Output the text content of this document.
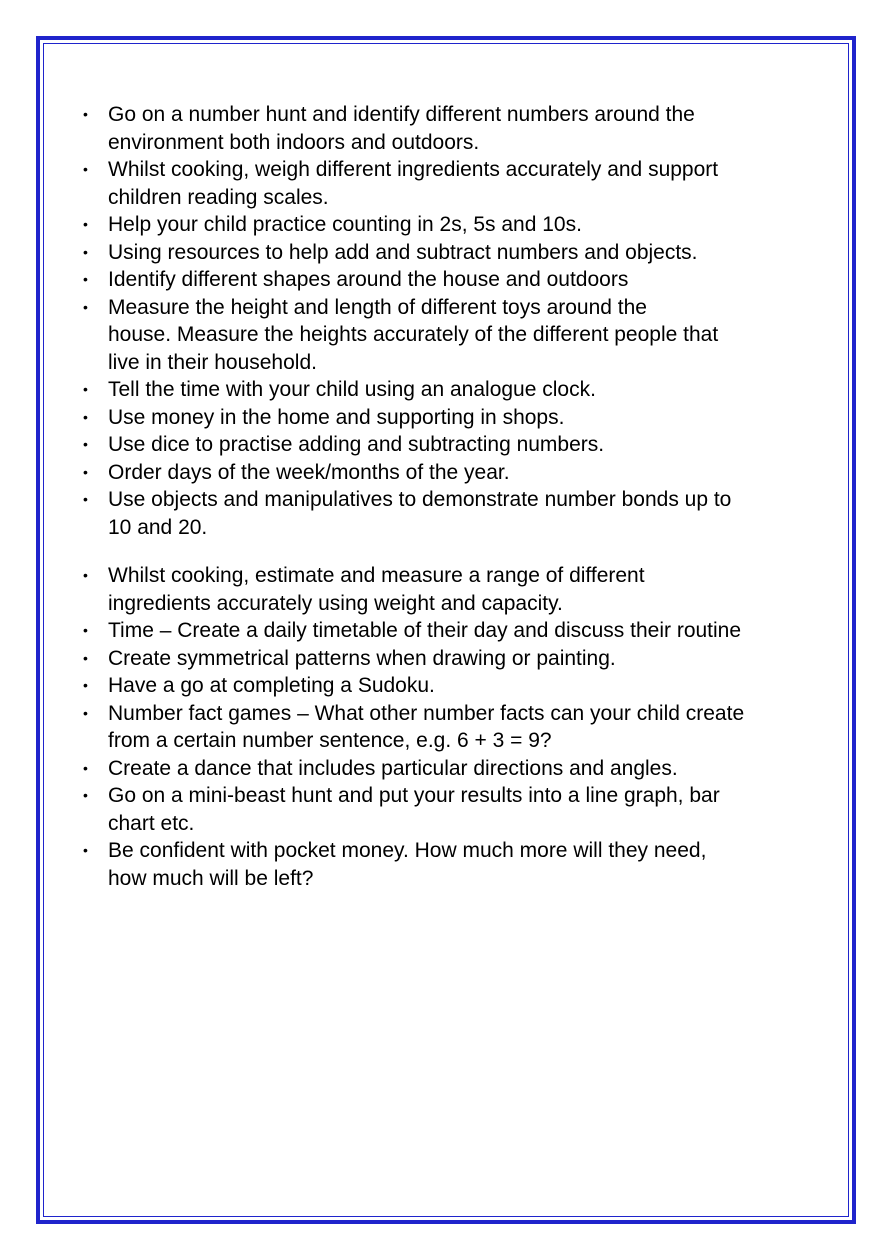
• Go on a number hunt and identify different numbers around the
environment both indoors and outdoors.
• Whilst cooking, weigh different ingredients accurately and support
children reading scales.
• Help your child practice counting in 2s, 5s and 10s.
• Using resources to help add and subtract numbers and objects.
• Identify different shapes around the house and outdoors
• Measure the height and length of different toys around the
house. Measure the heights accurately of the different people that
live in their household.
• Tell the time with your child using an analogue clock.
• Use money in the home and supporting in shops.
• Use dice to practise adding and subtracting numbers.
• Order days of the week/months of the year.
• Use objects and manipulatives to demonstrate number bonds up to
10 and 20.
• Whilst cooking, estimate and measure a range of different
ingredients accurately using weight and capacity.
• Time – Create a daily timetable of their day and discuss their routine
• Create symmetrical patterns when drawing or painting.
• Have a go at completing a Sudoku.
• Number fact games – What other number facts can your child create
from a certain number sentence, e.g. 6 + 3 = 9?
• Create a dance that includes particular directions and angles.
• Go on a mini-beast hunt and put your results into a line graph, bar
chart etc.
• Be confident with pocket money. How much more will they need,
how much will be left?
